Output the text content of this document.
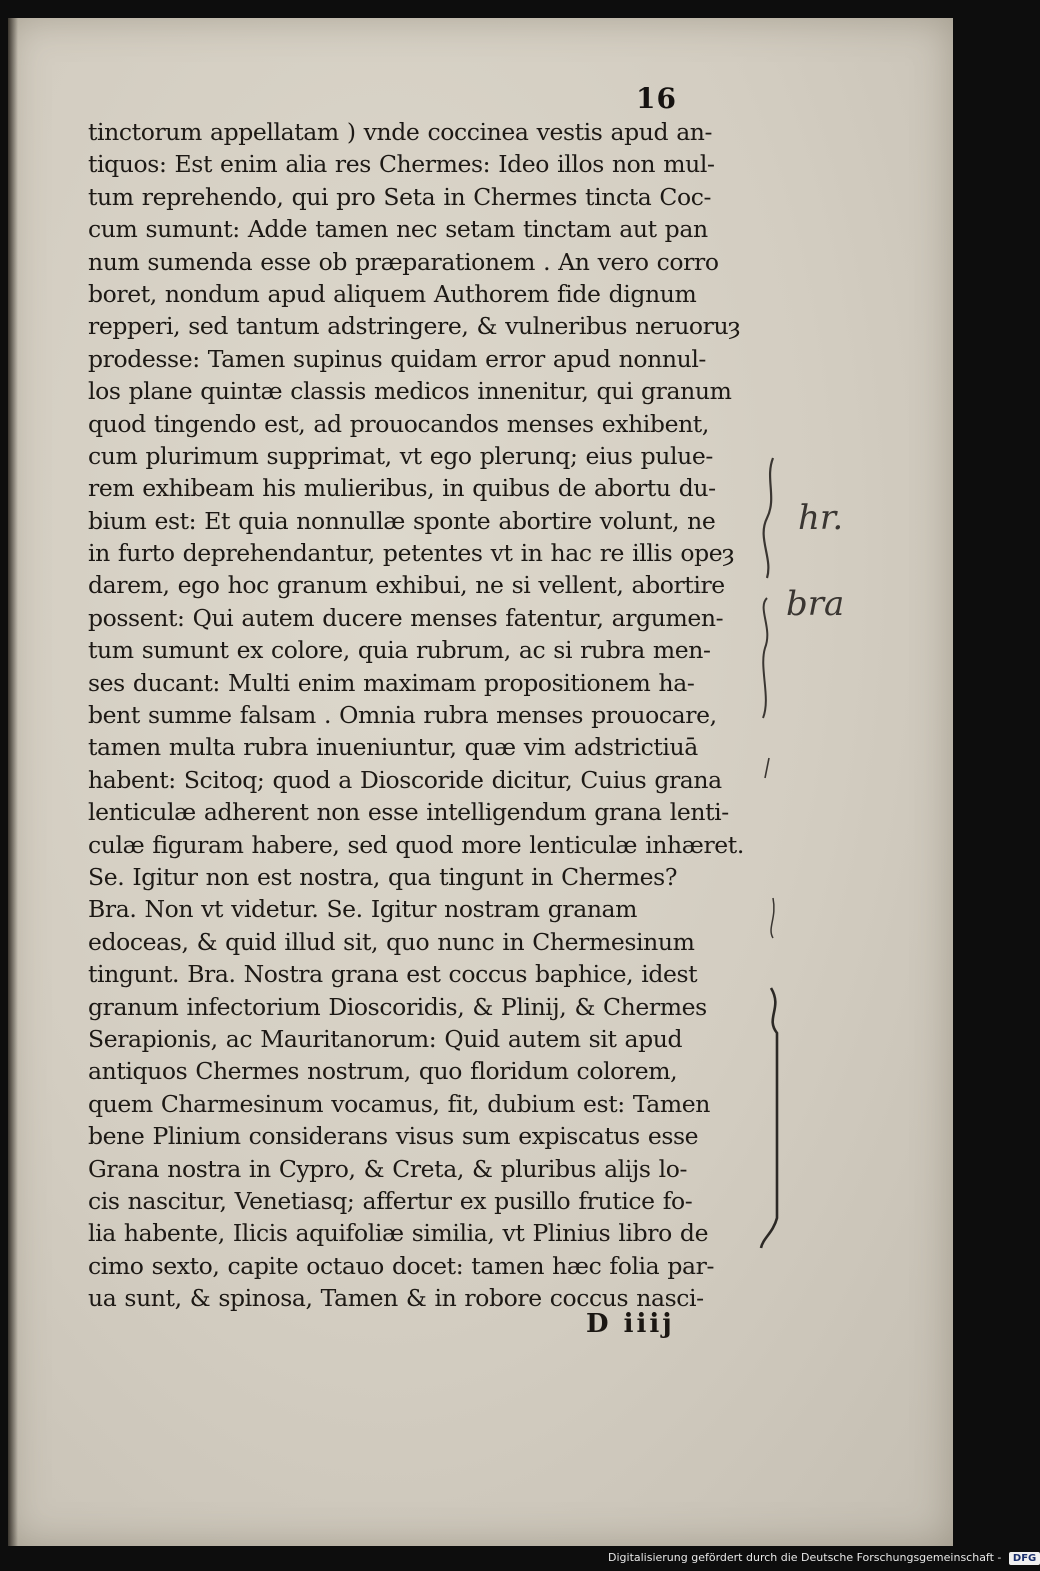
16
tinctorum appellatam ) vnde coccinea vestis apud an-
tiquos: Est enim alia res Chermes: Ideo illos non mul-
tum reprehendo, qui pro Seta in Chermes tincta Coc-
cum sumunt: Adde tamen nec setam tinctam aut pan
num sumenda esse ob præparationem . An vero corro
boret, nondum apud aliquem Authorem fide dignum
repperi, sed tantum adstringere, & vulneribus neruoruȝ
prodesse: Tamen supinus quidam error apud nonnul-
los plane quintæ classis medicos innenitur, qui granum
quod tingendo est, ad prouocandos menses exhibent,
cum plurimum supprimat, vt ego plerunq; eius pulue-
rem exhibeam his mulieribus, in quibus de abortu du-
bium est: Et quia nonnullæ sponte abortire volunt, ne
in furto deprehendantur, petentes vt in hac re illis opeȝ
darem, ego hoc granum exhibui, ne si vellent, abortire
possent: Qui autem ducere menses fatentur, argumen-
tum sumunt ex colore, quia rubrum, ac si rubra men-
ses ducant: Multi enim maximam propositionem ha-
bent summe falsam . Omnia rubra menses prouocare,
tamen multa rubra inueniuntur, quæ vim adstrictiuā
habent: Scitoq; quod a Dioscoride dicitur, Cuius grana
lenticulæ adherent non esse intelligendum grana lenti-
culæ figuram habere, sed quod more lenticulæ inhæret.
Se. Igitur non est nostra, qua tingunt in Chermes?
Bra. Non vt videtur. Se. Igitur nostram granam
edoceas, & quid illud sit, quo nunc in Chermesinum
tingunt. Bra. Nostra grana est coccus baphice, idest
granum infectorium Dioscoridis, & Plinij, & Chermes
Serapionis, ac Mauritanorum: Quid autem sit apud
antiquos Chermes nostrum, quo floridum colorem,
quem Charmesinum vocamus, fit, dubium est: Tamen
bene Plinium considerans visus sum expiscatus esse
Grana nostra in Cypro, & Creta, & pluribus alijs lo-
cis nascitur, Venetiasq; affertur ex pusillo frutice fo-
lia habente, Ilicis aquifoliæ similia, vt Plinius libro de
cimo sexto, capite octauo docet: tamen hæc folia par-
ua sunt, & spinosa, Tamen & in robore coccus nasci-
hr.
bra
D iiij
Digitalisierung gefördert durch die Deutsche Forschungsgemeinschaft - DFG
